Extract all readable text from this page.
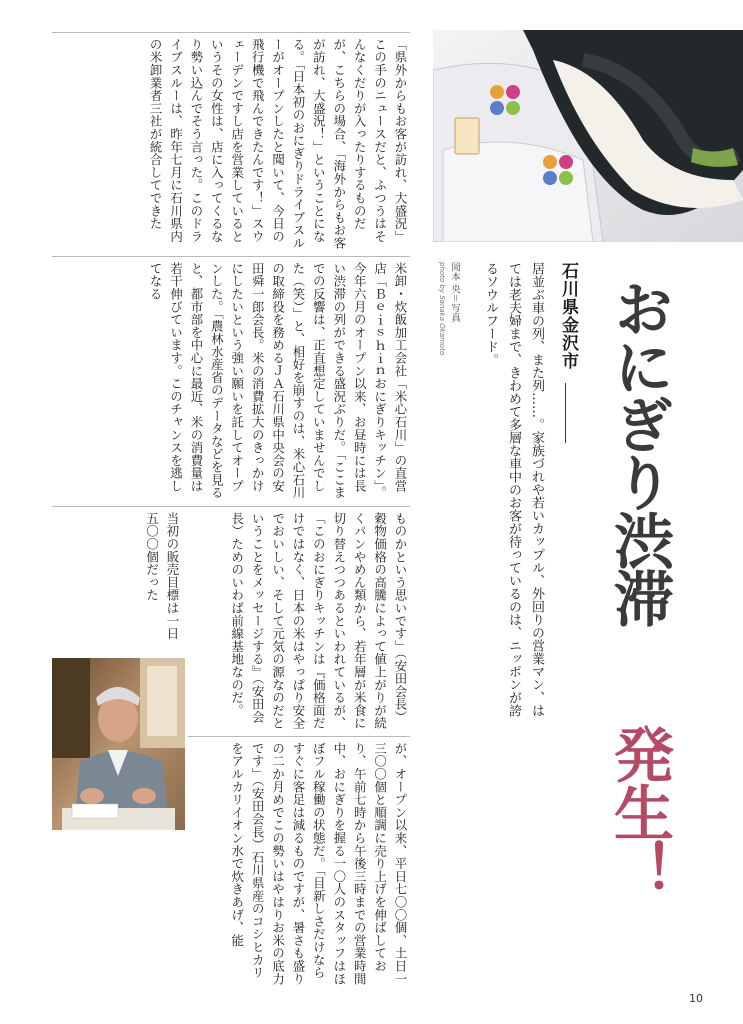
「県外からもお客が訪れ、大盛況」この手のニュースだと、ふつうはそんなくだりが入ったりするものだが、こちらの場合、「海外からもお客が訪れ、大盛況！」ということになる。「日本初のおにぎりドライブスルーがオープンしたと聞いて、今日の飛行機で飛んできたんです！」スウェーデンですし店を営業しているというその女性は、店に入ってくるなり勢い込んでそう言った。このドライブスルーは、昨年七月に石川県内の米卸業者三社が統合してできた
米卸・炊飯加工会社「米心石川」の直営店「Ｂｅｉｓｈｉｎおにぎりキッチン」。今年六月のオープン以来、お昼時には長い渋滞の列ができる盛況ぶりだ。「ここまでの反響は、正直想定していませんでした（笑）」と、相好を崩すのは、米心石川の取締役を務めるＪＡ石川県中央会の安田舜一郎会長。米の消費拡大のきっかけにしたいという強い願いを託してオープンした。「農林水産省のデータなどを見ると、都市部を中心に最近、米の消費量は若干伸びています。このチャンスを逃してなる
ものかという思いです」（安田会長）穀物価格の高騰によって値上がりが続くパンやめん類から、若年層が米食に切り替えつつあるといわれているが、「このおにぎりキッチンは『価格面だけではなく、日本の米はやっぱり安全でおいしい、そして元気の源なのだということをメッセージする』（安田会長）ためのいわば前線基地なのだ。
当初の販売目標は一日五〇〇個だった
が、オープン以来、平日七〇〇個、土日一三〇〇個と順調に売り上げを伸ばしており、午前七時から午後三時までの営業時間中、おにぎりを握る一〇人のスタッフはほぼフル稼働の状態だ。「目新しさだけならすぐに客足は減るものですが、暑さも盛りの二か月めでこの勢いはやはりお米の底力です」（安田会長）石川県産のコシヒカリをアルカリイオン水で炊きあげ、能
おにぎり渋滞
発生！
石川県金沢市
居並ぶ車の列、また列……。家族づれや若いカップル、外回りの営業マン、はては老夫婦まで、きわめて多層な車中のお客が待っているのは、ニッポンが誇るソウルフード。
岡本 央＝写真
photo by Sanaka Okamoto
10
